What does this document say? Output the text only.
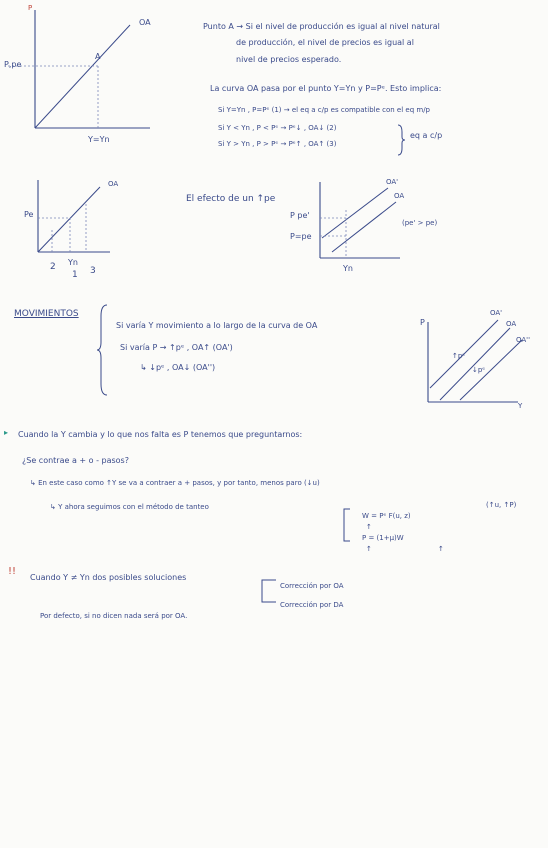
P
OA
A
P,pe
Y=Yn
Punto A → Si el nivel de producción es igual al nivel natural
de producción, el nivel de precios es igual al
nivel de precios esperado.
La curva OA pasa por el punto Y=Yn y P=Pᵉ. Esto implica:
Si Y=Yn , P=Pᵉ (1) → el eq a c/p es compatible con el eq m/p
Si Y < Yn , P < Pᵉ → Pᵉ↓ , OA↓ (2)
Si Y > Yn , P > Pᵉ → Pᵉ↑ , OA↑ (3)
eq a c/p
OA
Pe
2 Yn
1 3
El efecto de un ↑pe
OA'
OA
P pe'
P=pe
Yn
(pe' > pe)
MOVIMIENTOS
Si varía Y movimiento a lo largo de la curva de OA
Si varía P → ↑pᵉ , OA↑ (OA')
↳ ↓pᵉ , OA↓ (OA'')
P
OA'
OA
OA''
↑pᵉ
↓pᵉ
Y
▸ Cuando la Y cambia y lo que nos falta es P tenemos que preguntarnos:
¿Se contrae a + o - pasos?
↳ En este caso como ↑Y se va a contraer a + pasos, y por tanto, menos paro (↓u)
(↑u, ↑P)
↳ Y ahora seguimos con el método de tanteo
W = Pᵉ F(u, z)
↑
P = (1+μ)W
↑	↑
!!
Cuando Y ≠ Yn dos posibles soluciones
Corrección por OA
Corrección por DA
Por defecto, si no dicen nada será por OA.
